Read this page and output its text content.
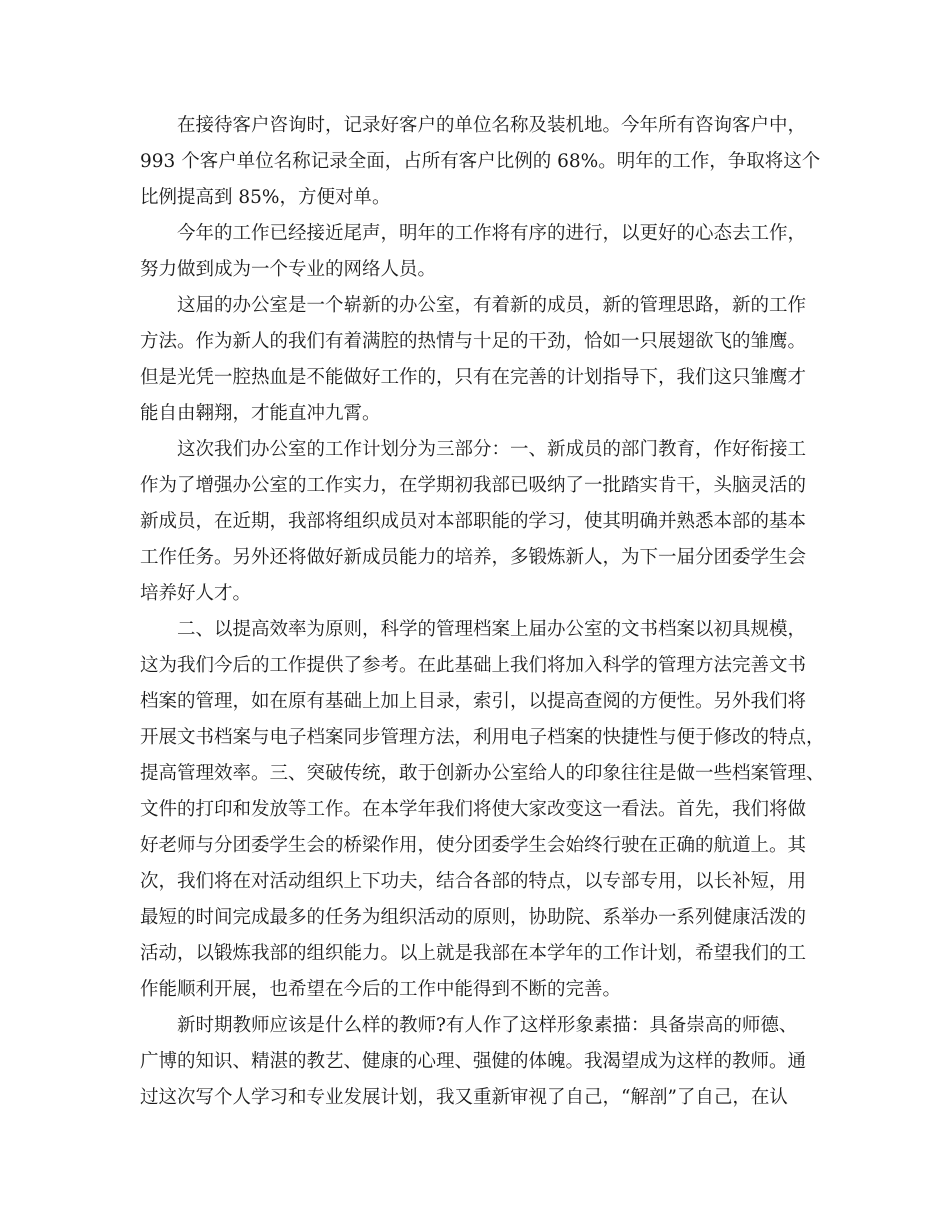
在接待客户咨询时，记录好客户的单位名称及装机地。今年所有咨询客户中，
993 个客户单位名称记录全面，占所有客户比例的 68%。明年的工作，争取将这个
比例提高到 85%，方便对单。
今年的工作已经接近尾声，明年的工作将有序的进行，以更好的心态去工作，
努力做到成为一个专业的网络人员。
这届的办公室是一个崭新的办公室，有着新的成员，新的管理思路，新的工作
方法。作为新人的我们有着满腔的热情与十足的干劲，恰如一只展翅欲飞的雏鹰。
但是光凭一腔热血是不能做好工作的，只有在完善的计划指导下，我们这只雏鹰才
能自由翱翔，才能直冲九霄。
这次我们办公室的工作计划分为三部分：一、新成员的部门教育，作好衔接工
作为了增强办公室的工作实力，在学期初我部已吸纳了一批踏实肯干，头脑灵活的
新成员，在近期，我部将组织成员对本部职能的学习，使其明确并熟悉本部的基本
工作任务。另外还将做好新成员能力的培养，多锻炼新人，为下一届分团委学生会
培养好人才。
二、以提高效率为原则，科学的管理档案上届办公室的文书档案以初具规模，
这为我们今后的工作提供了参考。在此基础上我们将加入科学的管理方法完善文书
档案的管理，如在原有基础上加上目录，索引，以提高查阅的方便性。另外我们将
开展文书档案与电子档案同步管理方法，利用电子档案的快捷性与便于修改的特点，
提高管理效率。三、突破传统，敢于创新办公室给人的印象往往是做一些档案管理、
文件的打印和发放等工作。在本学年我们将使大家改变这一看法。首先，我们将做
好老师与分团委学生会的桥梁作用，使分团委学生会始终行驶在正确的航道上。其
次，我们将在对活动组织上下功夫，结合各部的特点，以专部专用，以长补短，用
最短的时间完成最多的任务为组织活动的原则，协助院、系举办一系列健康活泼的
活动，以锻炼我部的组织能力。以上就是我部在本学年的工作计划，希望我们的工
作能顺利开展，也希望在今后的工作中能得到不断的完善。
新时期教师应该是什么样的教师?有人作了这样形象素描：具备崇高的师德、
广博的知识、精湛的教艺、健康的心理、强健的体魄。我渴望成为这样的教师。通
过这次写个人学习和专业发展计划，我又重新审视了自己，“解剖”了自己，在认
